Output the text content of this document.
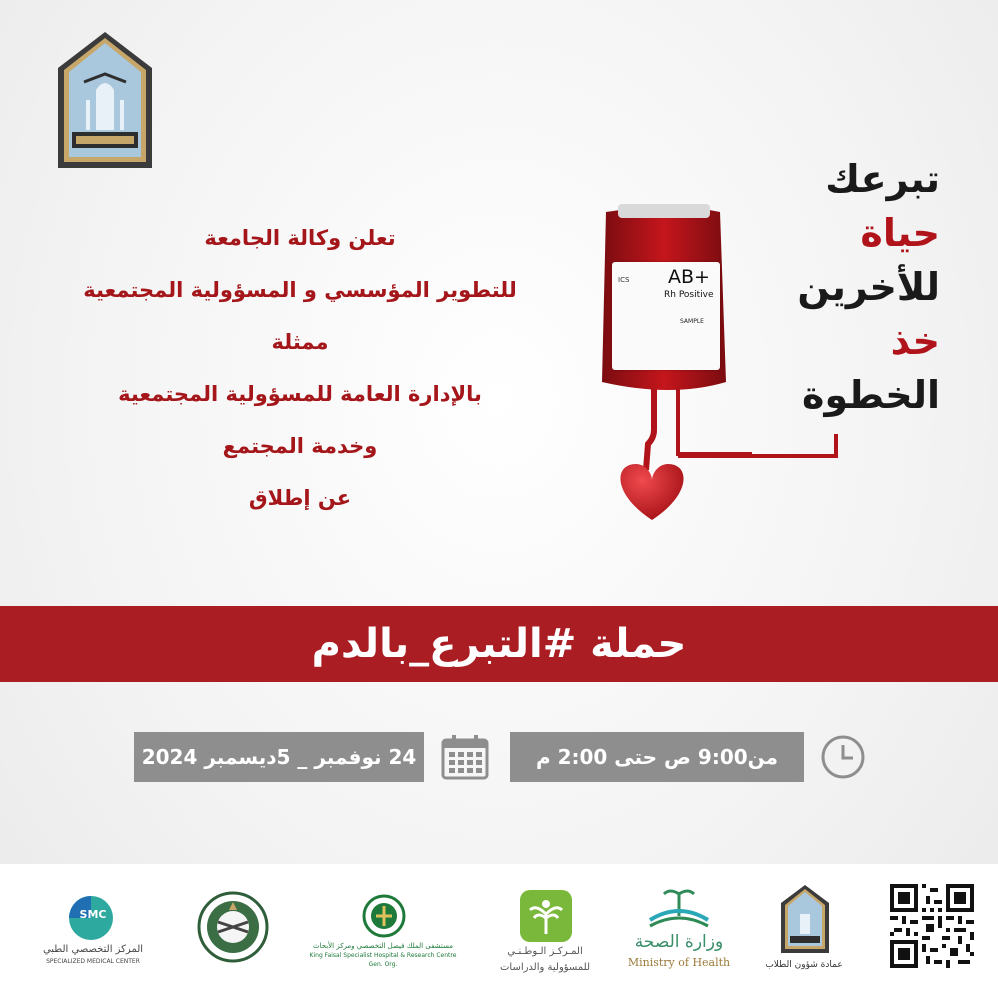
تعلن وكالة الجامعة
للتطوير المؤسسي و المسؤولية المجتمعية
ممثلة
بالإدارة العامة للمسؤولية المجتمعية
وخدمة المجتمع
عن إطلاق
ICS AB+
Rh Positive
SAMPLE
تبرعك
حياة
للأخرين
خذ
الخطوة
حملة #التبرع_بالدم
24 نوفمبر _ 5ديسمبر 2024	من9:00 ص حتى 2:00 م
SMC
المركز التخصصي الطبي
SPECIALIZED MEDICAL CENTER
مستشفى الملك فيصل التخصصي ومركز الأبحاث
King Faisal Specialist Hospital & Research Centre
Gen. Org.
المـركـز الـوطـنـي
للمسؤولية والدراسات
وزارة الصحة
Ministry of Health	عمادة شؤون الطلاب
